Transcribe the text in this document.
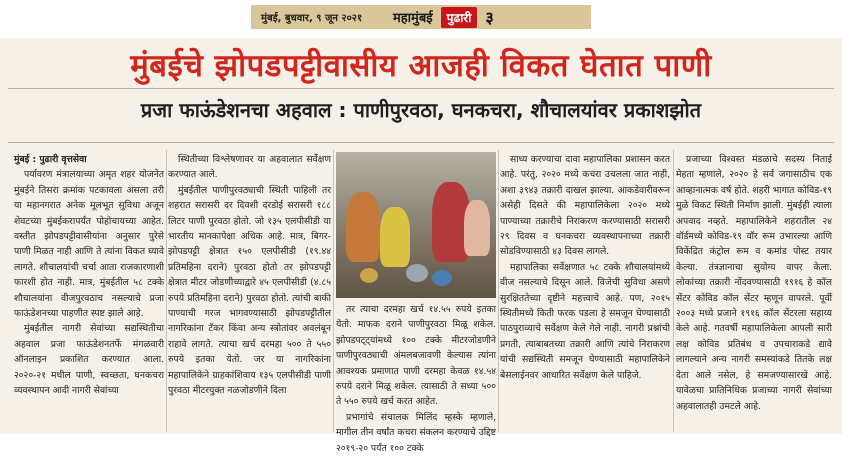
मुंबई, बुधवार, ९ जून २०२१	महामुंबई	पुढारी ३
मुंबईचे झोपडपट्टीवासीय आजही विकत घेतात पाणी
प्रजा फाऊंडेशनचा अहवाल : पाणीपुरवठा, घनकचरा, शौचालयांवर प्रकाशझोत

मुंबई : पुढारी वृत्तसेवा

पर्यावरण मंत्रालयाच्या अमृत शहर योजनेत मुंबईने तिसरा क्रमांक पटकावला असला तरी या महानगरात अनेक मूलभूत सुविधा अजून शेवटच्या मुंबईकरापर्यंत पोहोचायच्या आहेत. वस्तीत झोपडपट्टीवासीयांना अनुसार पुरेसे पाणी मिळत नाही आणि ते त्यांना विकत घ्यावे लागते. शौचालयांची चर्चा आता राजकारणाशी फारशी होत नाही. मात्र, मुंबईतील ५८ टक्के शौचालयांना वीजपुरवठाच नसल्याचे प्रजा फाऊंडेशनच्या पाहणीत स्पष्ट झाले आहे.

मुंबईतील नागरी सेवांच्या सद्यस्थितीचा अहवाल प्रजा फाऊंडेशनतर्फे मंगळवारी ऑनलाइन प्रकाशित करण्यात आला. २०२०-२१ मधील पाणी, स्वच्छता, घनकचरा व्यवस्थापन आदी नागरी सेवांच्या

स्थितीच्या विश्लेषणावर या अहवालात सर्वेक्षण करण्यात आले.

मुंबईतील पाणीपुरवठ्याची स्थिती पाहिली तर शहरात सरासरी दर दिवशी दरडोई सरासरी १८८ लिटर पाणी पुरवठा होतो. जो १३५ एलपीसीडी या भारतीय मानकापेक्षा अधिक आहे. मात्र, बिगर-झोपडपट्टी क्षेत्रात १५० एलपीसीडी (१९.४४ प्रतिमहिना दराने) पुरवठा होतो तर झोपडपट्टी क्षेत्रात मीटर जोडणीच्याद्वारे ४५ एलपीसीडी (४.८५ रुपये प्रतिमहिना दराने) पुरवठा होतो. त्यांची बाकी पाण्याची गरज भागवण्यासाठी झोपडपट्टीतील नागरिकांना टँकर किंवा अन्य स्त्रोतांवर अवलंबून राहावे लागते. त्याचा खर्च दरमहा ५०० ते ५५० रुपये इतका येतो. जर या नागरिकांना महापालिकेने ग्राहकांशिवाय १३५ एलपीसीडी पाणी पुरवठा मीटरयुक्त नळजोडणीने दिला

तर त्याचा दरमहा खर्च १४.५५ रुपये इतका येतो. माफक दराने पाणीपुरवठा मिळू शकेल. झोपडपट्ट्यांमध्ये १०० टक्के मीटरजोडणीने पाणीपुरवठ्याची अंमलबजावणी केल्यास त्यांना आवश्यक प्रमाणात पाणी दरमहा केवळ १४.५४ रुपये दराने मिळू शकेल. त्यासाठी ते सध्या ५०० ते ५५० रुपये खर्च करत आहेत.

प्रभागांचे संचालक मिलिंद म्हस्के म्हणाले, मागील तीन वर्षांत कचरा संकलन करण्याचे उद्दिष्ट २०१९-२० पर्यंत १०० टक्के

साध्य करण्याचा दावा महापालिका प्रशासन करत आहे. परंतु, २०२० मध्ये कचरा उचलला जात नाही, अशा ३९४३ तक्रारी दाखल झाल्या. आकडेवारीवरून असेही दिसते की महापालिकेला २०२० मध्ये पाण्याच्या तक्रारीचे निराकरण करण्यासाठी सरासरी २९ दिवस व घनकचरा व्यवस्थापनाच्या तक्रारी सोडविण्यासाठी ४३ दिवस लागले.

महापालिका सर्वेक्षणात ५८ टक्के शौचालयांमध्ये वीज नसल्याचे दिसून आले. विजेची सुविधा असणे सुरक्षिततेच्या दृष्टीने महत्त्वाचे आहे. पण, २०१५ स्थितीमध्ये किती फरक पडला हे समजून घेण्यासाठी पाठपुराव्याचे सर्वेक्षण केले गेले नाही. नागरी प्रश्नांची प्रगती, त्याबाबतच्या तक्रारी आणि त्यांचे निराकरण यांची सद्यस्थिती समजून घेण्यासाठी महापालिकेने बेसलाईनवर आधारित सर्वेक्षण केले पाहिजे.

प्रजाच्या विश्वस्त मंडळाचे सदस्य निताई मेहता म्हणाले, २०२० हे सर्व जगासाठीच एक आव्हानात्मक वर्ष होते. शहरी भागात कोविड-१९ मुळे विकट स्थिती निर्माण झाली. मुंबईही त्याला अपवाद नव्हते. महापालिकेने शहरातील २४ वॉर्डमध्ये कोविड-१९ वॉर रूम उभारल्या आणि विकेंद्रित कंट्रोल रूम व कमांड पोस्ट तयार केल्या. तंत्रज्ञानाचा सुयोग्य वापर केला. लोकांच्या तक्रारी नोंदवण्यासाठी १९१६ हे कॉल सेंटर कोविड कॉल सेंटर म्हणून वापरले. पूर्वी २००३ मध्ये प्रजाने १९१६ कॉल सेंटरला सहाय्य केले आहे. गतवर्षी महापालिकेला आपली सारी लक्ष कोविड प्रतिबंध व उपचाराकडे द्यावे लागल्याने अन्य नागरी समस्यांकडे तितके लक्ष देता आले नसेल, हे समजण्यासारखे आहे. यावेळचा प्रातिनिधिक प्रजाच्या नागरी सेवांच्या अहवालातही उमटले आहे.
